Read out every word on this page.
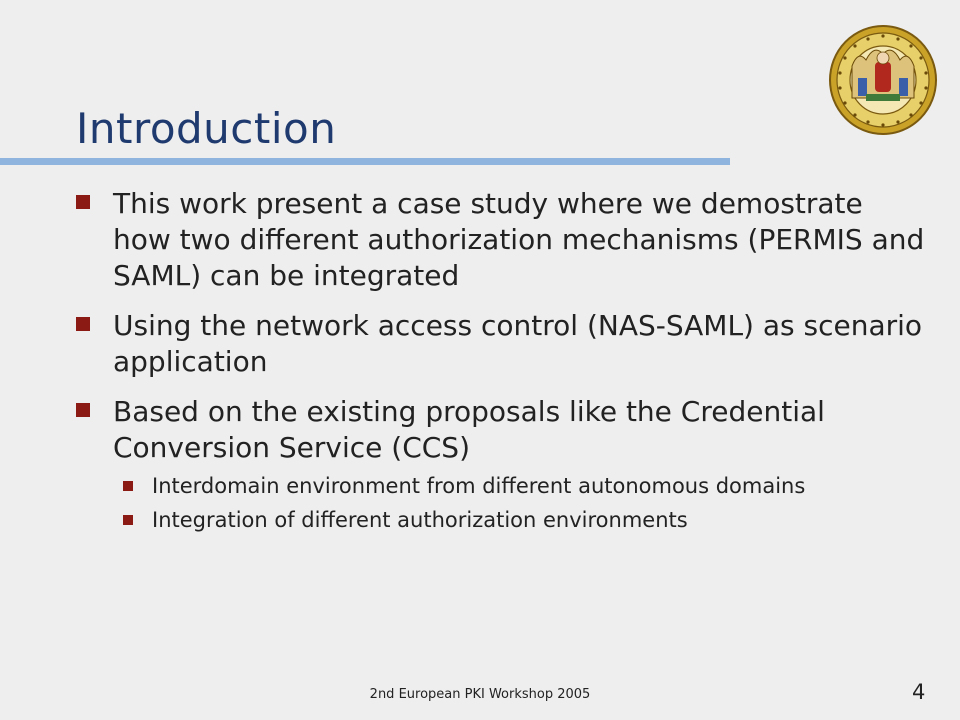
Introduction
This work present a case study where we demostrate how two different authorization mechanisms (PERMIS and SAML) can be integrated
Using the network access control (NAS-SAML) as scenario application
Based on the existing proposals like the Credential Conversion Service (CCS)
Interdomain environment from different autonomous domains
Integration of different authorization environments
2nd European PKI Workshop 2005	4
